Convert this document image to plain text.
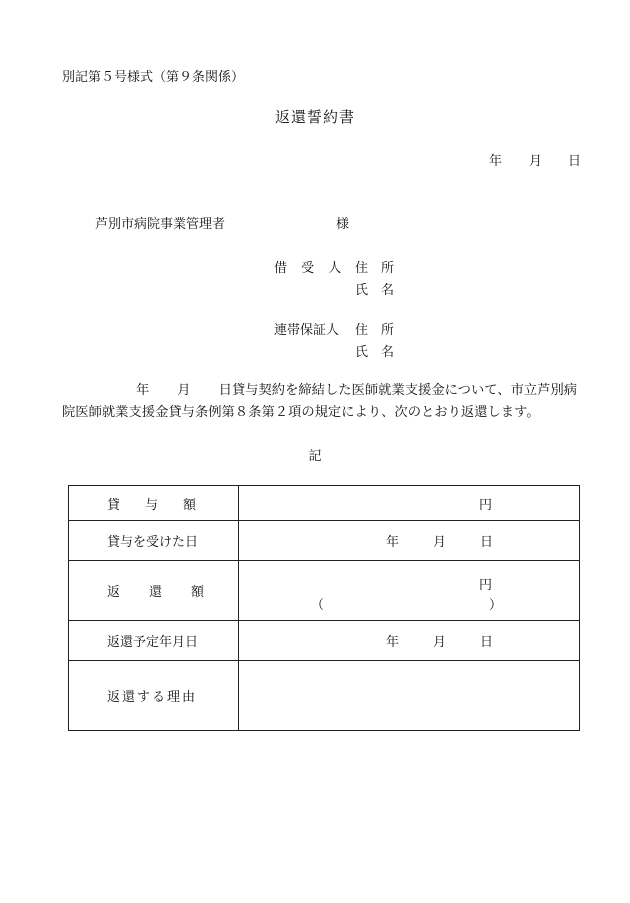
別記第５号様式（第９条関係）
返還誓約書
年 月 日
芦別市病院事業管理者	様
借 受 人 住　所
氏　名
連帯保証人 住　所
氏　名
年 月 日貸与契約を締結した医師就業支援金について、市立芦別病院医師就業支援金貸与条例第８条第２項の規定により、次のとおり返還します。
記
貸　与　額	円
貸与を受けた日	年 月 日
返　還　額	円
（ ）

返還予定年月日	年 月 日
返還する理由	
